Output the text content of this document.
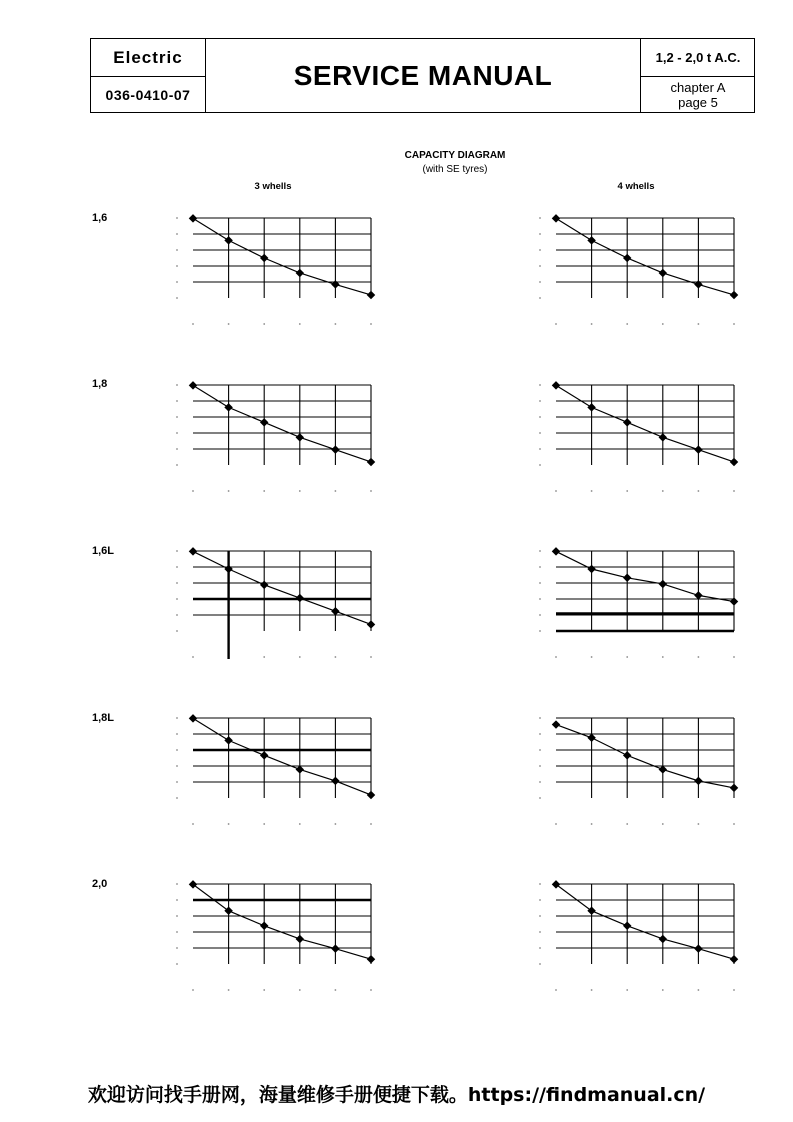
Electric
036-0410-07
SERVICE MANUAL
1,2 - 2,0 t A.C.
chapter A
page 5
CAPACITY DIAGRAM
(with SE tyres)
3 whells	4 whells
1,6
1,8
1,6L
1,8L
2,0
欢迎访问找手册网，海量维修手册便捷下载。https://findmanual.cn/
